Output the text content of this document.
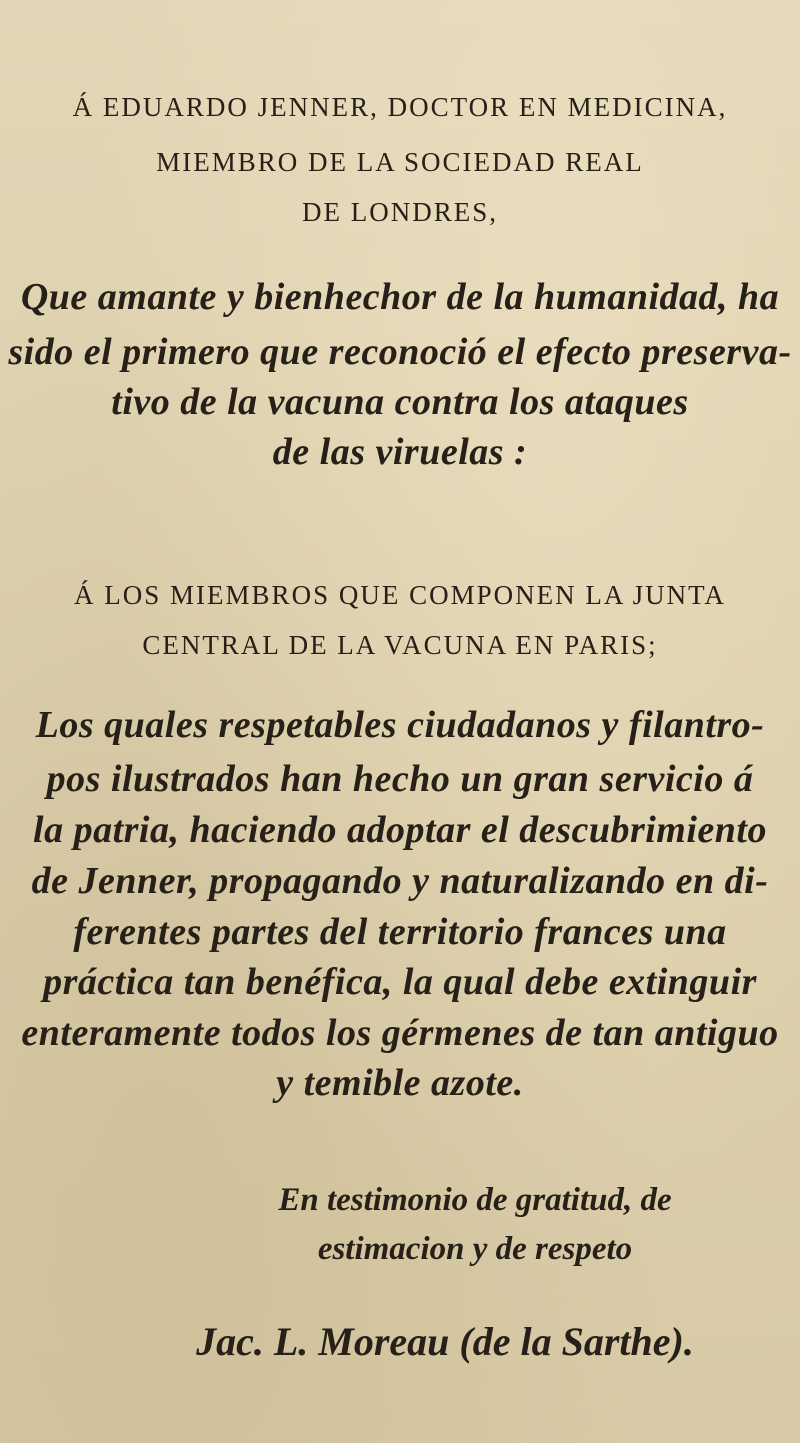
Á EDUARDO JENNER, DOCTOR EN MEDICINA,

MIEMBRO DE LA SOCIEDAD REAL

DE LONDRES,

Que amante y bienhechor de la humanidad, ha

sido el primero que reconoció el efecto preserva-

tivo de la vacuna contra los ataques

de las viruelas :

Á LOS MIEMBROS QUE COMPONEN LA JUNTA

CENTRAL DE LA VACUNA EN PARIS;

Los quales respetables ciudadanos y filantro-

pos ilustrados han hecho un gran servicio á

la patria, haciendo adoptar el descubrimiento

de Jenner, propagando y naturalizando en di-

ferentes partes del territorio frances una

práctica tan benéfica, la qual debe extinguir

enteramente todos los gérmenes de tan antiguo

y temible azote.

En testimonio de gratitud, de

estimacion y de respeto

Jac. L. Moreau (de la Sarthe).
